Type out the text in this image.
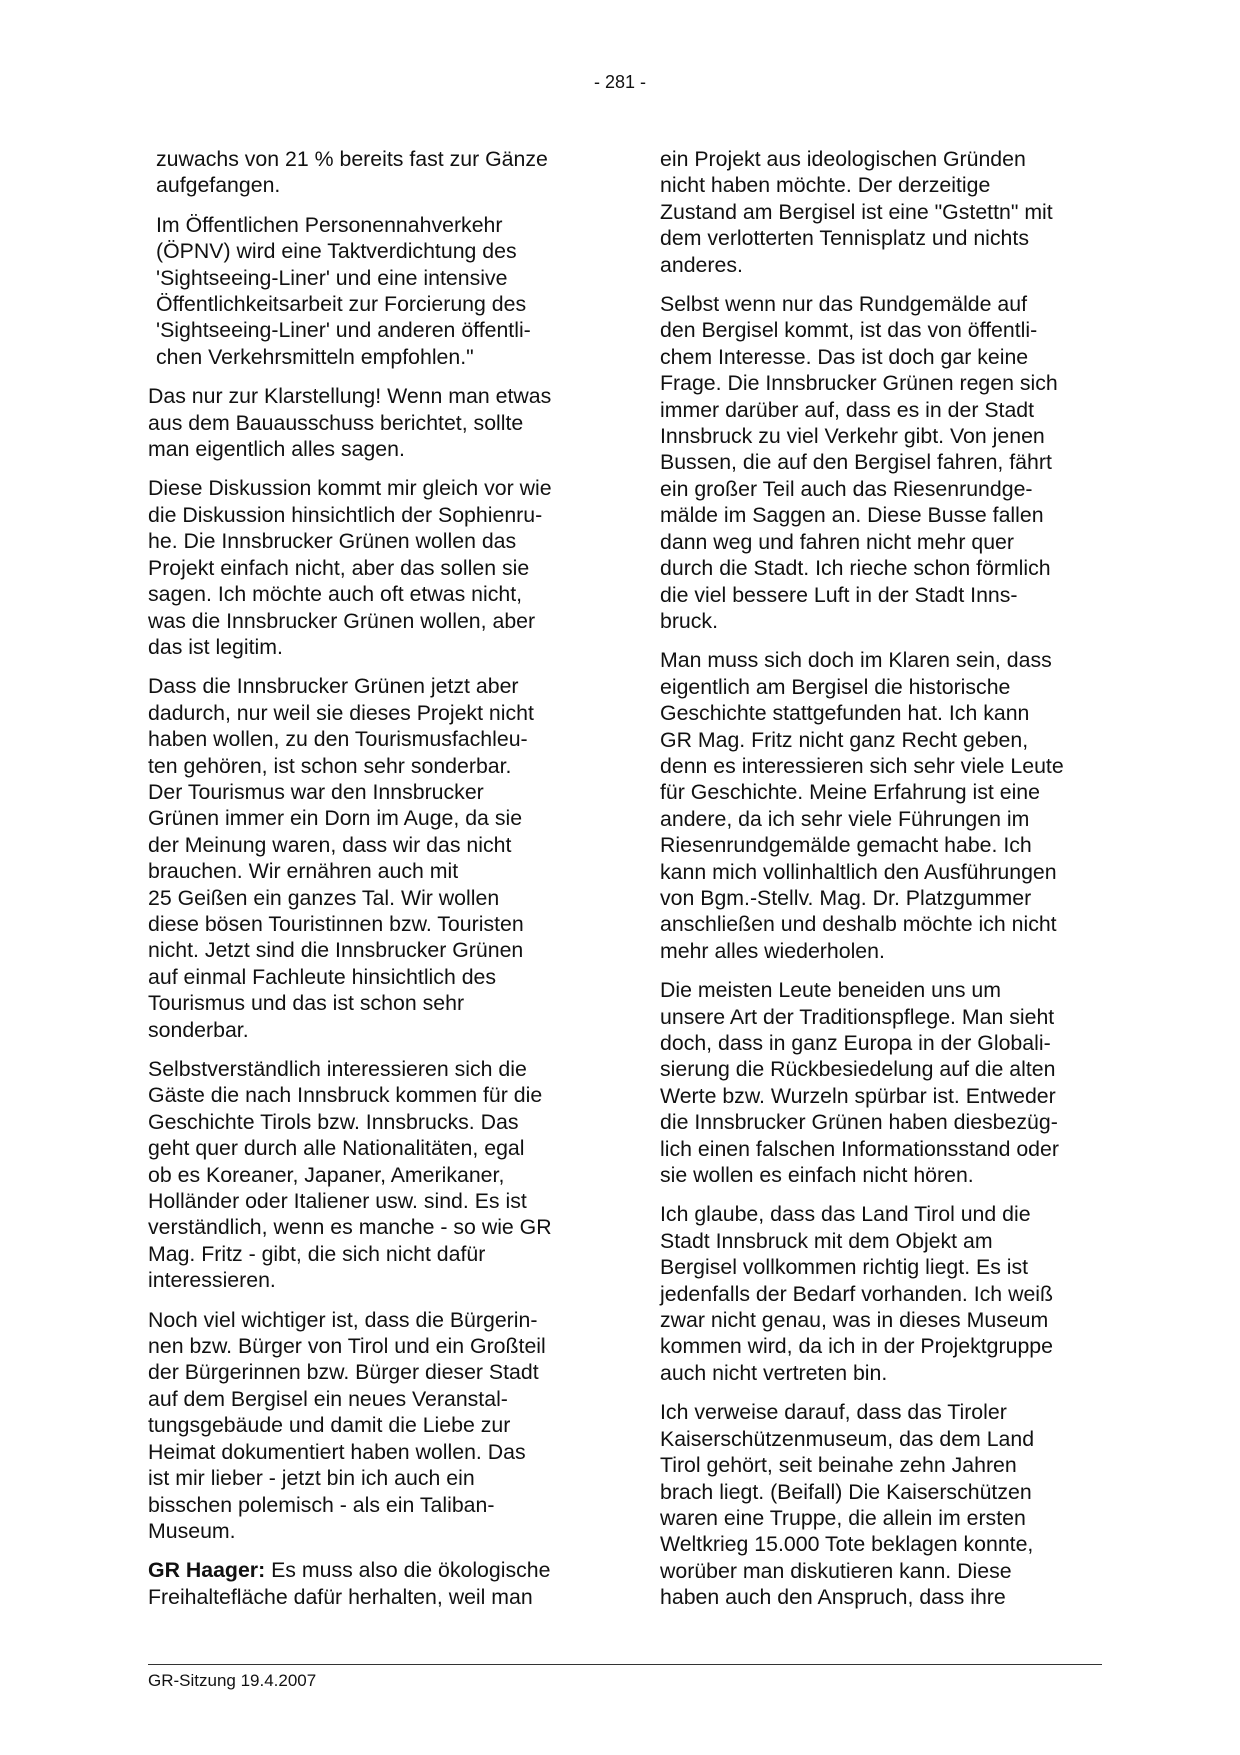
- 281 -

zuwachs von 21 % bereits fast zur Gänze
aufgefangen.

Im Öffentlichen Personennahverkehr
(ÖPNV) wird eine Taktverdichtung des
'Sightseeing-Liner' und eine intensive
Öffentlichkeitsarbeit zur Forcierung des
'Sightseeing-Liner' und anderen öffentli-
chen Verkehrsmitteln empfohlen."

Das nur zur Klarstellung! Wenn man etwas
aus dem Bauausschuss berichtet, sollte
man eigentlich alles sagen.

Diese Diskussion kommt mir gleich vor wie
die Diskussion hinsichtlich der Sophienru-
he. Die Innsbrucker Grünen wollen das
Projekt einfach nicht, aber das sollen sie
sagen. Ich möchte auch oft etwas nicht,
was die Innsbrucker Grünen wollen, aber
das ist legitim.

Dass die Innsbrucker Grünen jetzt aber
dadurch, nur weil sie dieses Projekt nicht
haben wollen, zu den Tourismusfachleu-
ten gehören, ist schon sehr sonderbar.
Der Tourismus war den Innsbrucker
Grünen immer ein Dorn im Auge, da sie
der Meinung waren, dass wir das nicht
brauchen. Wir ernähren auch mit
25 Geißen ein ganzes Tal. Wir wollen
diese bösen Touristinnen bzw. Touristen
nicht. Jetzt sind die Innsbrucker Grünen
auf einmal Fachleute hinsichtlich des
Tourismus und das ist schon sehr
sonderbar.

Selbstverständlich interessieren sich die
Gäste die nach Innsbruck kommen für die
Geschichte Tirols bzw. Innsbrucks. Das
geht quer durch alle Nationalitäten, egal
ob es Koreaner, Japaner, Amerikaner,
Holländer oder Italiener usw. sind. Es ist
verständlich, wenn es manche - so wie GR
Mag. Fritz - gibt, die sich nicht dafür
interessieren.

Noch viel wichtiger ist, dass die Bürgerin-
nen bzw. Bürger von Tirol und ein Großteil
der Bürgerinnen bzw. Bürger dieser Stadt
auf dem Bergisel ein neues Veranstal-
tungsgebäude und damit die Liebe zur
Heimat dokumentiert haben wollen. Das
ist mir lieber - jetzt bin ich auch ein
bisschen polemisch - als ein Taliban-
Museum.

GR Haager: Es muss also die ökologische
Freihaltefläche dafür herhalten, weil man

ein Projekt aus ideologischen Gründen
nicht haben möchte. Der derzeitige
Zustand am Bergisel ist eine "Gstettn" mit
dem verlotterten Tennisplatz und nichts
anderes.

Selbst wenn nur das Rundgemälde auf
den Bergisel kommt, ist das von öffentli-
chem Interesse. Das ist doch gar keine
Frage. Die Innsbrucker Grünen regen sich
immer darüber auf, dass es in der Stadt
Innsbruck zu viel Verkehr gibt. Von jenen
Bussen, die auf den Bergisel fahren, fährt
ein großer Teil auch das Riesenrundge-
mälde im Saggen an. Diese Busse fallen
dann weg und fahren nicht mehr quer
durch die Stadt. Ich rieche schon förmlich
die viel bessere Luft in der Stadt Inns-
bruck.

Man muss sich doch im Klaren sein, dass
eigentlich am Bergisel die historische
Geschichte stattgefunden hat. Ich kann
GR Mag. Fritz nicht ganz Recht geben,
denn es interessieren sich sehr viele Leute
für Geschichte. Meine Erfahrung ist eine
andere, da ich sehr viele Führungen im
Riesenrundgemälde gemacht habe. Ich
kann mich vollinhaltlich den Ausführungen
von Bgm.-Stellv. Mag. Dr. Platzgummer
anschließen und deshalb möchte ich nicht
mehr alles wiederholen.

Die meisten Leute beneiden uns um
unsere Art der Traditionspflege. Man sieht
doch, dass in ganz Europa in der Globali-
sierung die Rückbesiedelung auf die alten
Werte bzw. Wurzeln spürbar ist. Entweder
die Innsbrucker Grünen haben diesbezüg-
lich einen falschen Informationsstand oder
sie wollen es einfach nicht hören.

Ich glaube, dass das Land Tirol und die
Stadt Innsbruck mit dem Objekt am
Bergisel vollkommen richtig liegt. Es ist
jedenfalls der Bedarf vorhanden. Ich weiß
zwar nicht genau, was in dieses Museum
kommen wird, da ich in der Projektgruppe
auch nicht vertreten bin.

Ich verweise darauf, dass das Tiroler
Kaiserschützenmuseum, das dem Land
Tirol gehört, seit beinahe zehn Jahren
brach liegt. (Beifall) Die Kaiserschützen
waren eine Truppe, die allein im ersten
Weltkrieg 15.000 Tote beklagen konnte,
worüber man diskutieren kann. Diese
haben auch den Anspruch, dass ihre

GR-Sitzung 19.4.2007
